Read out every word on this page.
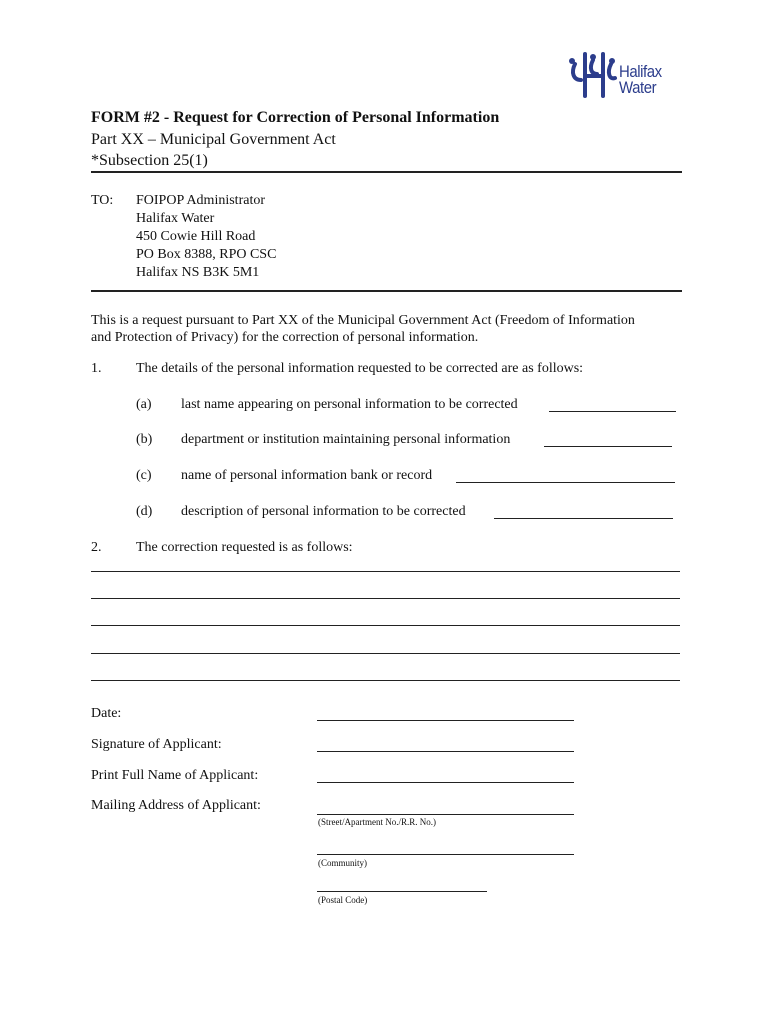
Halifax
Water
FORM #2 - Request for Correction of Personal Information
Part XX – Municipal Government Act
*Subsection 25(1)
TO: FOIPOP Administrator
Halifax Water
450 Cowie Hill Road
PO Box 8388, RPO CSC
Halifax NS B3K 5M1
This is a request pursuant to Part XX of the Municipal Government Act (Freedom of Information
and Protection of Privacy) for the correction of personal information.
1. The details of the personal information requested to be corrected are as follows:
(a) last name appearing on personal information to be corrected
(b) department or institution maintaining personal information
(c) name of personal information bank or record
(d) description of personal information to be corrected
2. The correction requested is as follows:
Date:
Signature of Applicant:
Print Full Name of Applicant:
Mailing Address of Applicant:
(Street/Apartment No./R.R. No.)
(Community)
(Postal Code)
